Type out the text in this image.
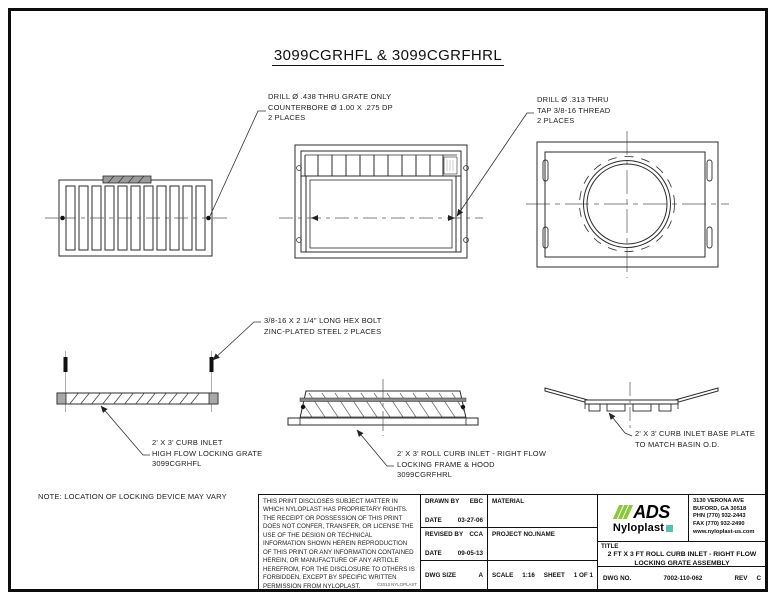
3099CGRHFL & 3099CGRFHRL
DRILL Ø .438 THRU GRATE ONLY
COUNTERBORE Ø 1.00 X .275 DP
2 PLACES
DRILL Ø .313 THRU
TAP 3/8-16 THREAD
2 PLACES
3/8-16 X 2 1/4" LONG HEX BOLT
ZINC-PLATED STEEL 2 PLACES
2' X 3' CURB INLET
HIGH FLOW LOCKING GRATE
3099CGRHFL
2' X 3' ROLL CURB INLET - RIGHT FLOW
LOCKING FRAME & HOOD
3099CGRFHRL
2' X 3' CURB INLET BASE PLATE
TO MATCH BASIN O.D.
NOTE: LOCATION OF LOCKING DEVICE MAY VARY
THIS PRINT DISCLOSES SUBJECT MATTER IN WHICH NYLOPLAST HAS PROPRIETARY RIGHTS. THE RECEIPT OR POSSESSION OF THIS PRINT DOES NOT CONFER, TRANSFER, OR LICENSE THE USE OF THE DESIGN OR TECHNICAL INFORMATION SHOWN HEREIN REPRODUCTION OF THIS PRINT OR ANY INFORMATION CONTAINED HEREIN, OR MANUFACTURE OF ANY ARTICLE HEREFROM, FOR THE DISCLOSURE TO OTHERS IS FORBIDDEN, EXCEPT BY SPECIFIC WRITTEN PERMISSION FROM NYLOPLAST.	©2013 NYLOPLAST
DRAWN BY EBC
DATE	03-27-06
REVISED BY CCA
DATE	09-05-13
DWG SIZE	A
MATERIAL
PROJECT NO./NAME
SCALE 1:16 SHEET 1 OF 1
ADS
Nyloplast
3130 VERONA AVE
BUFORD, GA 30518
PHN (770) 932-2443
FAX (770) 932-2490
www.nyloplast-us.com
TITLE
2 FT X 3 FT ROLL CURB INLET - RIGHT FLOW
LOCKING GRATE ASSEMBLY
DWG NO.	7002-110-062	REV C
